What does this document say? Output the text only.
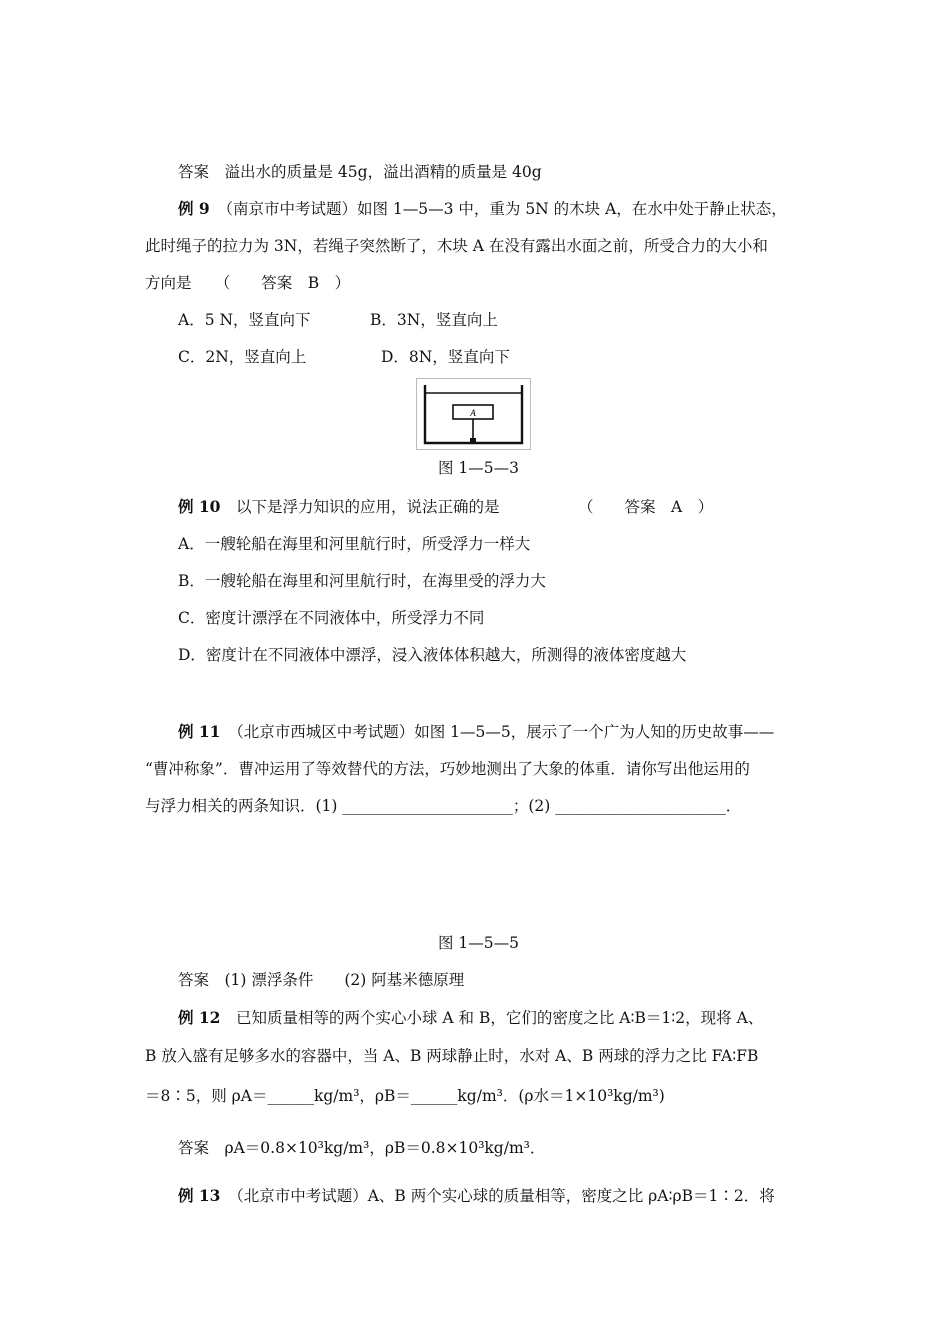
答案　溢出水的质量是 45g，溢出酒精的质量是 40g
例 9　 （南京市中考试题）如图 1—5—3 中，重为 5N 的木块 A，在水中处于静止状态，
此时绳子的拉力为 3N，若绳子突然断了，木块 A 在没有露出水面之前，所受合力的大小和
方向是　　（　　答案　B　）
A．5 N，竖直向下	B．3N，竖直向上
C．2N，竖直向上	D．8N，竖直向下
A
图 1—5—3
例 10　 以下是浮力知识的应用，说法正确的是	（　　答案　A　）
A．一艘轮船在海里和河里航行时，所受浮力一样大
B．一艘轮船在海里和河里航行时，在海里受的浮力大
C．密度计漂浮在不同液体中，所受浮力不同
D．密度计在不同液体中漂浮，浸入液体体积越大，所测得的液体密度越大
例 11　 （北京市西城区中考试题）如图 1—5—5，展示了一个广为人知的历史故事——
“曹冲称象”．曹冲运用了等效替代的方法，巧妙地测出了大象的体重．请你写出他运用的
与浮力相关的两条知识．(1) ______________________；(2) ______________________．
图 1—5—5
答案　(1) 漂浮条件　　(2) 阿基米德原理
例 12　 已知质量相等的两个实心小球 A 和 B，它们的密度之比 A∶B＝1∶2，现将 A、
B 放入盛有足够多水的容器中，当 A、B 两球静止时，水对 A、B 两球的浮力之比 FA∶FB
＝8∶5，则 ρA＝______kg/m³，ρB＝______kg/m³．(ρ水＝1×10³kg/m³)
答案　ρA＝0.8×10³kg/m³，ρB＝0.8×10³kg/m³．
例 13　 （北京市中考试题）A、B 两个实心球的质量相等，密度之比 ρA∶ρB＝1∶2．将
